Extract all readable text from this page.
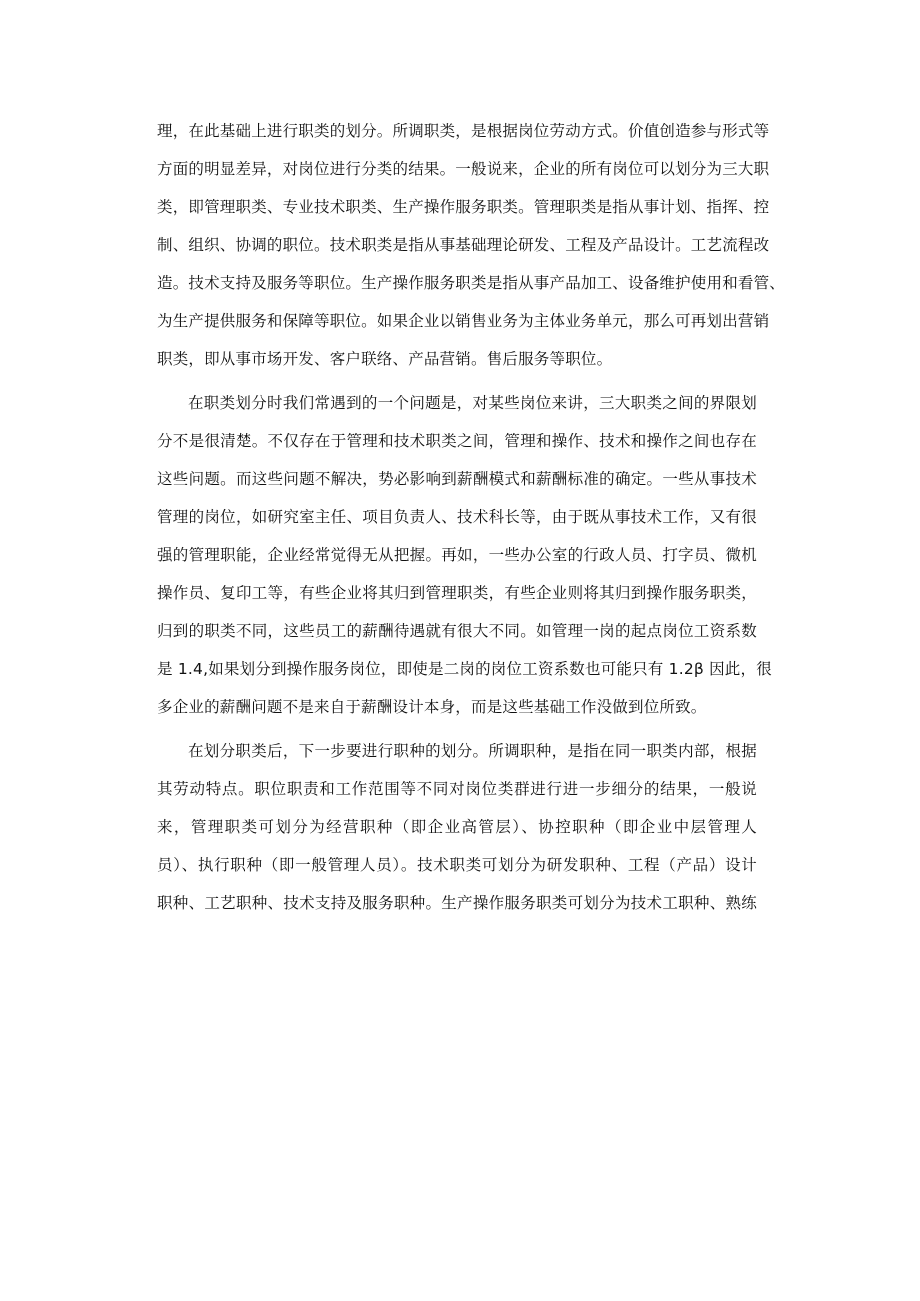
理，在此基础上进行职类的划分。所调职类，是根据岗位劳动方式。价值创造参与形式等
方面的明显差异，对岗位进行分类的结果。一般说来，企业的所有岗位可以划分为三大职
类，即管理职类、专业技术职类、生产操作服务职类。管理职类是指从事计划、指挥、控
制、组织、协调的职位。技术职类是指从事基础理论研发、工程及产品设计。工艺流程改
造。技术支持及服务等职位。生产操作服务职类是指从事产品加工、设备维护使用和看管、
为生产提供服务和保障等职位。如果企业以销售业务为主体业务单元，那么可再划出营销
职类，即从事市场开发、客户联络、产品营销。售后服务等职位。
在职类划分时我们常遇到的一个问题是，对某些岗位来讲，三大职类之间的界限划
分不是很清楚。不仅存在于管理和技术职类之间，管理和操作、技术和操作之间也存在
这些问题。而这些问题不解决，势必影响到薪酬模式和薪酬标准的确定。一些从事技术
管理的岗位，如研究室主任、项目负责人、技术科长等，由于既从事技术工作，又有很
强的管理职能，企业经常觉得无从把握。再如，一些办公室的行政人员、打字员、微机
操作员、复印工等，有些企业将其归到管理职类，有些企业则将其归到操作服务职类，
归到的职类不同，这些员工的薪酬待遇就有很大不同。如管理一岗的起点岗位工资系数
是 1.4,如果划分到操作服务岗位，即使是二岗的岗位工资系数也可能只有 1.2β 因此，很
多企业的薪酬问题不是来自于薪酬设计本身，而是这些基础工作没做到位所致。
在划分职类后，下一步要进行职种的划分。所调职种，是指在同一职类内部，根据
其劳动特点。职位职责和工作范围等不同对岗位类群进行进一步细分的结果，一般说
来，管理职类可划分为经营职种（即企业高管层）、协控职种（即企业中层管理人
员）、执行职种（即一般管理人员）。技术职类可划分为研发职种、工程（产品）设计
职种、工艺职种、技术支持及服务职种。生产操作服务职类可划分为技术工职种、熟练
